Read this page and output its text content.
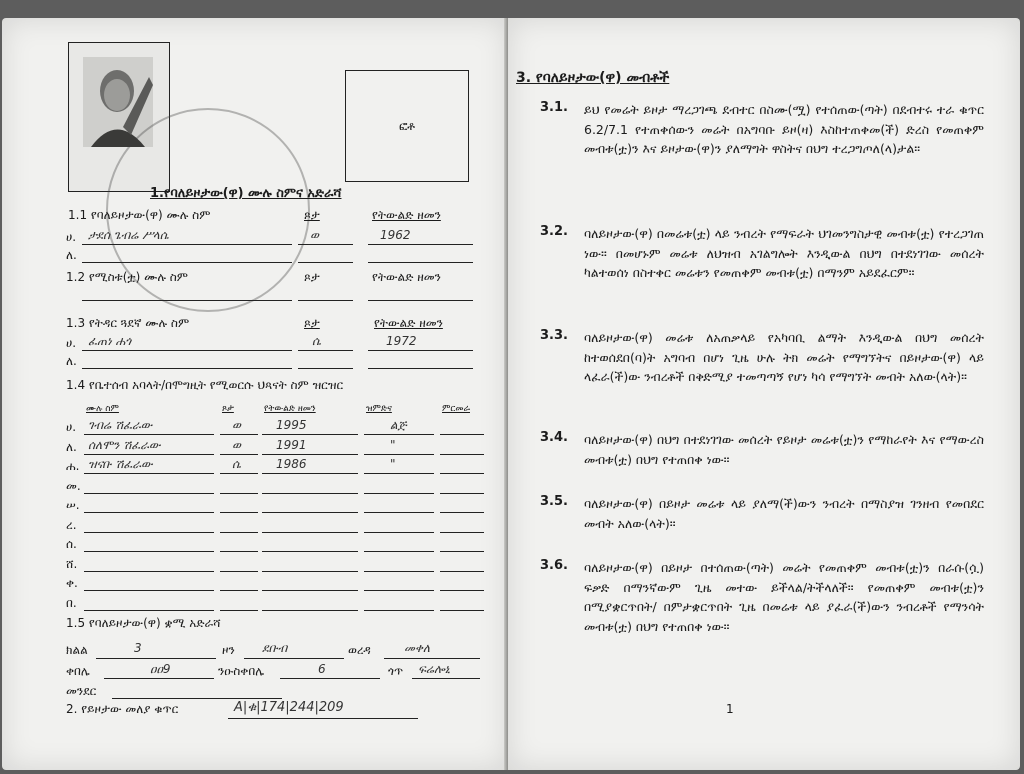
ፎቶ
1.የባለይዞታው(ዋ) ሙሉ ስምና አድራሻ
1.1 የባለይዞታው(ዋ) ሙሉ ስም	ጾታ	የትውልድ ዘመን
ሀ. ታደሰ ጌብሬ ሥላሴ	ወ	1962
ለ.
1.2 የሚስቱ(ቷ) ሙሉ ስም	ጾታ	የትውልድ ዘመን
1.3 የትዳር ጓደኛ ሙሉ ስም	ጾታ	የትውልድ ዘመን
ሀ. ፈጠነ ሐጎ	ሴ	1972
ለ.
1.4 የቤተሰብ አባላት/በሞግዚት የሚወርሱ ህጻናት ስም ዝርዝር
ሙሉ ስም	ጾታ	የትውልድ ዘመን	ዝምድና	ምርመራ
ሀ. ገብሬ ሽፈራው	ወ	1995	ልጅ
ለ. ሰለሞን ሽፈራው	ወ	1991	"
ሐ. ዝናቡ ሽፈራው	ሴ	1986	"
መ.
ሠ.
ረ.
ሰ.
ሸ.
ቀ.
በ.
1.5 የባለይዞታው(ዋ) ቋሚ አድራሻ
ክልል	3	ዞን ደቡብ	ወረዳ	መቀለ
ቀበሌ	ዐዐ9	ንዑስቀበሌ	6	ጎጥ ፍሬሎኒ
መንደር
2. የይዞታው መለያ ቁጥር	A|ቁ|174|244|209
3. የባለይዞታው(ዋ) መብቶች
3.1. ይህ የመሬት ይዞታ ማረጋገጫ ደብተር በስሙ(ሟ) የተሰጠው(ጣት) በደብተሩ ተራ ቁጥር 6.2/7.1 የተጠቀሰውን መሬት በአግባቡ ይዞ(ዛ) እስከተጠቀመ(ች) ድረስ የመጠቀም መብቱ(ቷ)ን እና ይዞታው(ዋ)ን ያለማግት ዋስትና በህግ ተረጋግጦለ(ላ)ታል።
3.2. ባለይዞታው(ዋ) በመሬቱ(ቷ) ላይ ንብረት የማፍራት ህገመንግስታዊ መብቱ(ቷ) የተረጋገጠ ነው። በመሆኑም መሬቱ ለህዝብ አገልግሎት እንዲውል በህግ በተደነገገው መሰረት ካልተወሰነ በስተቀር መሬቱን የመጠቀም መብቱ(ቷ) በማንም አይደፈርም።
3.3. ባለይዞታው(ዋ) መሬቱ ለአጠቃላይ የአካባቢ ልማት እንዲውል በህግ መሰረት ከተወሰደበ(ባ)ት አግባብ በሆነ ጊዜ ሁሉ ትክ መሬት የማግኘትና በይዞታው(ዋ) ላይ ላፈራ(ች)ው ንብረቶች በቅድሚያ ተመጣጣኝ የሆነ ካሳ የማግኘት መብት አለው(ላት)።
3.4. ባለይዞታው(ዋ) በህግ በተደነገገው መሰረት የይዞታ መሬቱ(ቷ)ን የማከራየት እና የማውረስ መብቱ(ቷ) በህግ የተጠበቀ ነው።
3.5. ባለይዞታው(ዋ) በይዞታ መሬቱ ላይ ያለማ(ች)ውን ንብረት በማስያዝ ገንዘብ የመበደር መብት አለው(ላት)።
3.6. ባለይዞታው(ዋ) በይዞታ በተሰጠው(ጣት) መሬት የመጠቀም መብቱ(ቷ)ን በራሱ(ሷ) ፍቃድ በማንኛውም ጊዜ መተው ይችላል/ትችላለች። የመጠቀም መብቱ(ቷ)ን በሚያቋርጥበት/ በምታቋርጥበት ጊዜ በመሬቱ ላይ ያፈራ(ች)ውን ንብረቶች የማንሳት መብቱ(ቷ) በህግ የተጠበቀ ነው።
1
